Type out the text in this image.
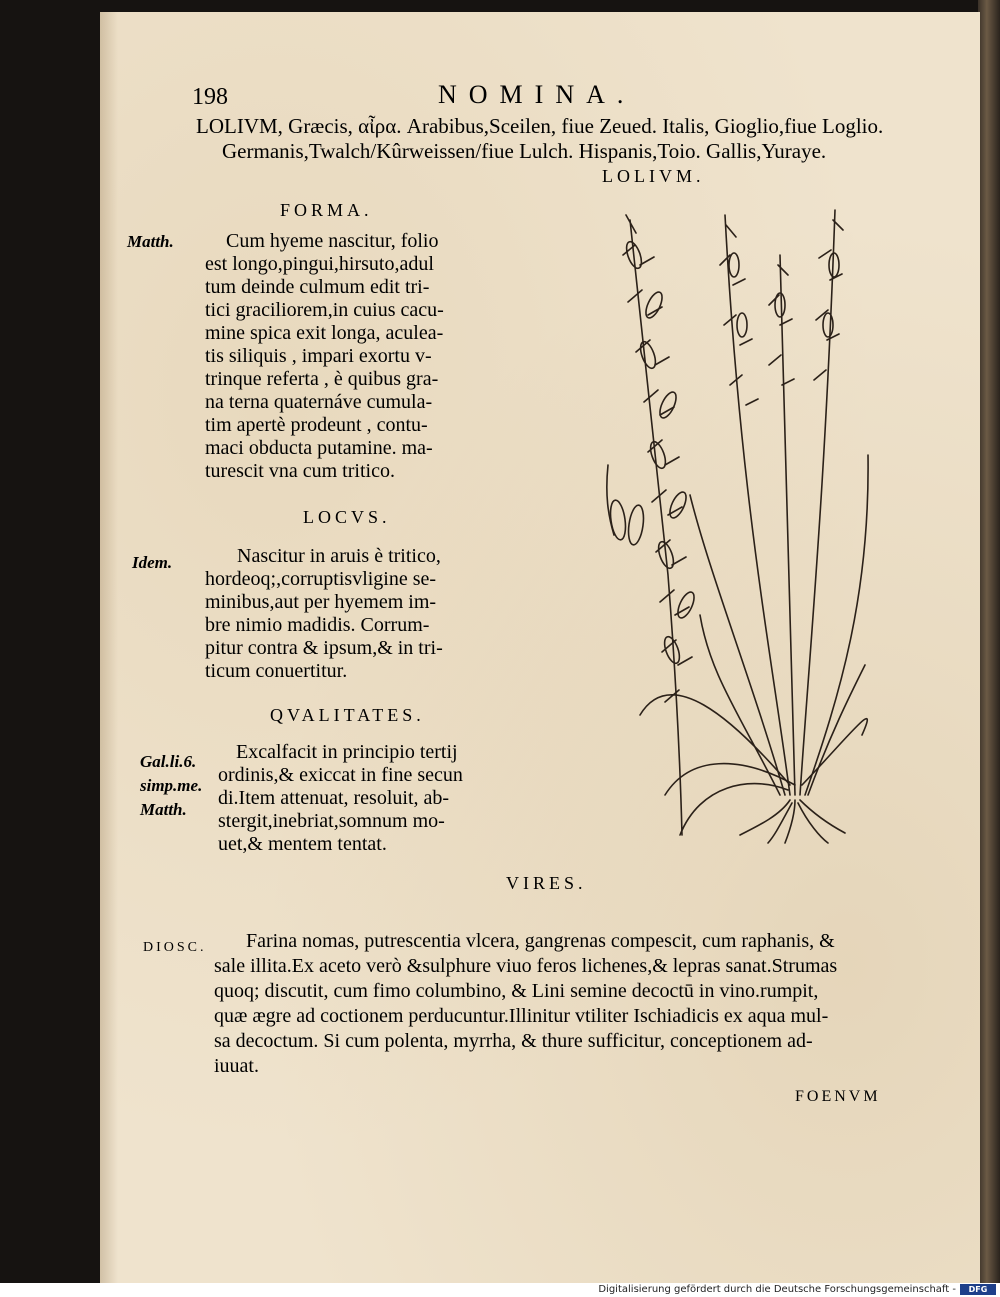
198	NOMINA.
LOLIVM, Græcis, αἶρα. Arabibus,Sceilen, fiue Zeued. Italis, Gioglio,fiue Loglio.
Germanis,Twalch/Kûrweissen/fiue Lulch. Hispanis,Toio. Gallis,Yuraye.
LOLIVM.
FORMA.
Matth.	Cum hyeme nascitur, folio
est longo,pingui,hirsuto,adul
tum deinde culmum edit tri-
tici graciliorem,in cuius cacu-
mine spica exit longa, aculea-
tis siliquis , impari exortu v-
trinque referta , è quibus gra-
na terna quaternáve cumula-
tim apertè prodeunt , contu-
maci obducta putamine. ma-
turescit vna cum tritico.
LOCVS.
Idem.	Nascitur in aruis è tritico,
hordeoq;,corruptisvligine se-
minibus,aut per hyemem im-
bre nimio madidis. Corrum-
pitur contra & ipsum,& in tri-
ticum conuertitur.
QVALITATES.
Gal.li.6.
simp.me.
Matth.
Excalfacit in principio tertij
ordinis,& exiccat in fine secun
di.Item attenuat, resoluit, ab-
stergit,inebriat,somnum mo-
uet,& mentem tentat.
VIRES.
DIOSC. Farina nomas, putrescentia vlcera, gangrenas compescit, cum raphanis, &
sale illita.Ex aceto verò &sulphure viuo feros lichenes,& lepras sanat.Strumas
quoq; discutit, cum fimo columbino, & Lini semine decoctū in vino.rumpit,
quæ ægre ad coctionem perducuntur.Illinitur vtiliter Ischiadicis ex aqua mul-
sa decoctum. Si cum polenta, myrrha, & thure sufficitur, conceptionem ad-
iuuat.
FOENVM
Digitalisierung gefördert durch die Deutsche Forschungsgemeinschaft -	DFG
